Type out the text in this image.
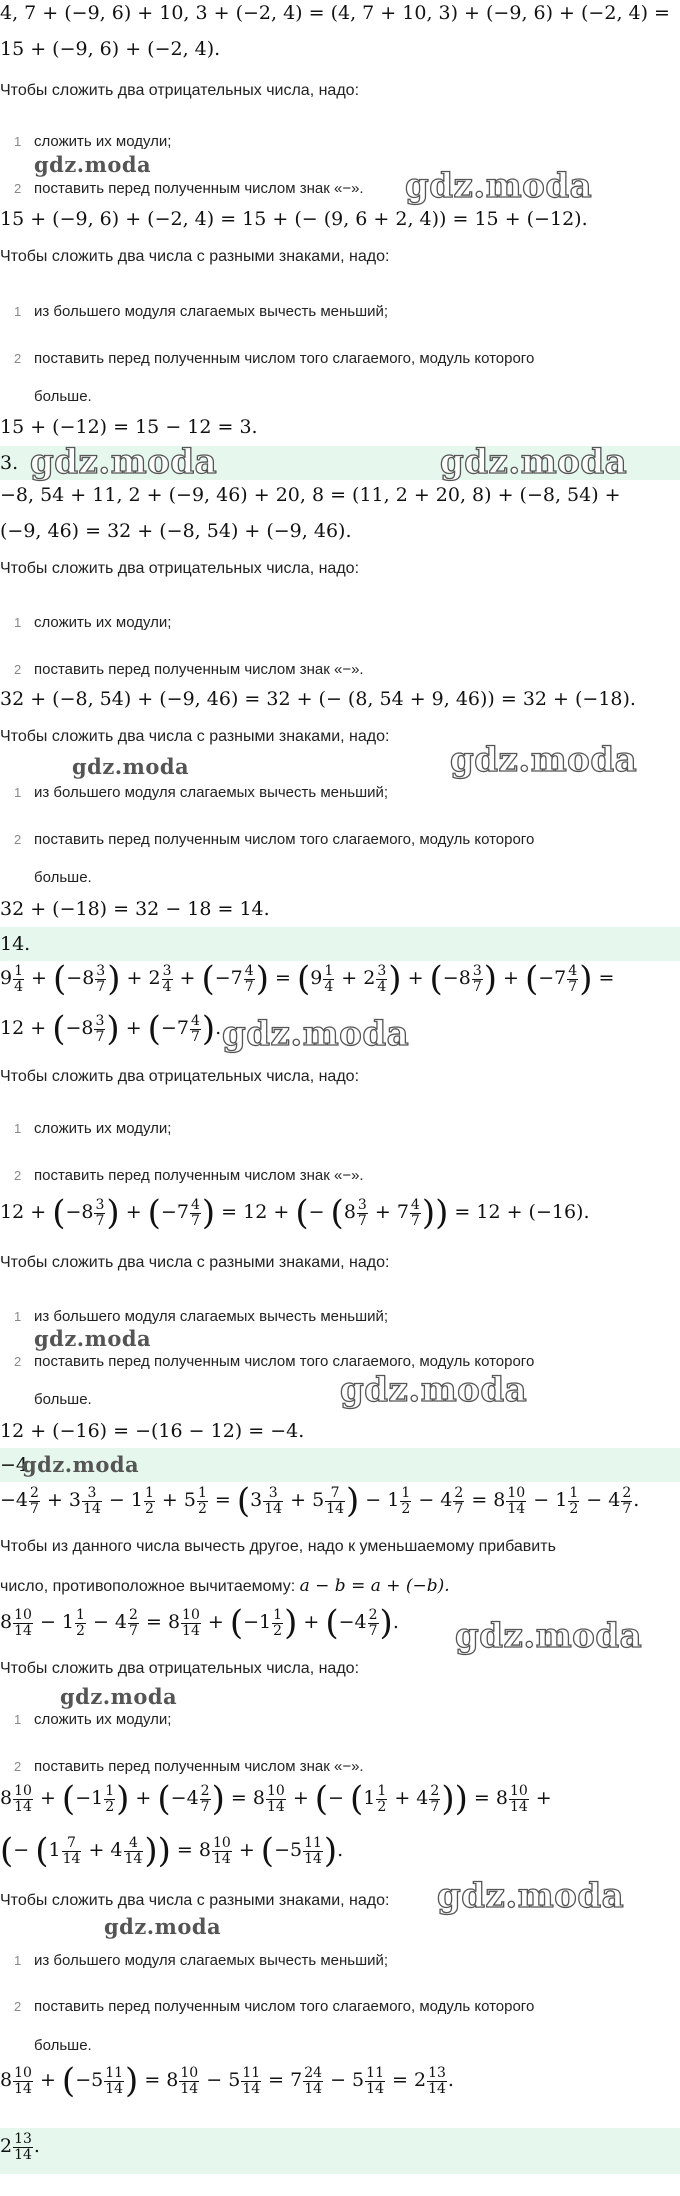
4, 7 + (−9, 6) + 10, 3 + (−2, 4) = (4, 7 + 10, 3) + (−9, 6) + (−2, 4) =
15 + (−9, 6) + (−2, 4).
Чтобы сложить два отрицательных числа, надо:
1 сложить их модули;
gdz.moda
2 поставить перед полученным числом знак «−». gdz.moda
15 + (−9, 6) + (−2, 4) = 15 + (− (9, 6 + 2, 4)) = 15 + (−12).
Чтобы сложить два числа с разными знаками, надо:
1 из большего модуля слагаемых вычесть меньший;
2 поставить перед полученным числом того слагаемого, модуль которого
больше.
15 + (−12) = 15 − 12 = 3.
3. gdz.moda	gdz.moda
−8, 54 + 11, 2 + (−9, 46) + 20, 8 = (11, 2 + 20, 8) + (−8, 54) +
(−9, 46) = 32 + (−8, 54) + (−9, 46).
Чтобы сложить два отрицательных числа, надо:
1 сложить их модули;
2 поставить перед полученным числом знак «−».
32 + (−8, 54) + (−9, 46) = 32 + (− (8, 54 + 9, 46)) = 32 + (−18).
Чтобы сложить два числа с разными знаками, надо:
gdz.moda	gdz.moda
1 из большего модуля слагаемых вычесть меньший;
2 поставить перед полученным числом того слагаемого, модуль которого
больше.
32 + (−18) = 32 − 18 = 14.
14.
$9 \frac{1}{4} + (-8 \frac{3}{7}$ ) + $2 \frac{3}{4} + (-7 \frac{4}{7}$ ) = ($9 \frac{1}{4} + 2 \frac{3}{4}$ ) + ($-8 \frac{3}{7}$ ) + ($-7 \frac{4}{7}$ ) =
$12 + (-8 \frac{3}{7}$ ) + ($-7 \frac{4}{7}$ ). gdz.moda
Чтобы сложить два отрицательных числа, надо:
1 сложить их модули;
2 поставить перед полученным числом знак «−».
$12 + (-8 \frac{3}{7}$ ) + ($-7 \frac{4}{7}$ ) = 12 + (− ($8 \frac{3}{7} + 7 \frac{4}{7}$ )) = 12 + (−16).
Чтобы сложить два числа с разными знаками, надо:
1 из большего модуля слагаемых вычесть меньший;
gdz.moda
2 поставить перед полученным числом того слагаемого, модуль которого
gdz.moda
больше.
12 + (−16) = −(16 − 12) = −4.
−4
gdz.moda
$-4 \frac{2}{7} + 3 \frac{3}{14} - 1 \frac{1}{2} + 5 \frac{1}{2} = (3 \frac{3}{14} + 5 \frac{7}{14}$ ) − $1 \frac{1}{2} - 4 \frac{2}{7} = 8 \frac{10}{14} - 1 \frac{1}{2} - 4 \frac{2}{7}$ .
Чтобы из данного числа вычесть другое, надо к уменьшаемому прибавить
число, противоположное вычитаемому: a − b = a + (−b).
$8 \frac{10}{14} - 1 \frac{1}{2} - 4 \frac{2}{7} = 8 \frac{10}{14} + (-1 \frac{1}{2}$ ) + ($-4 \frac{2}{7}$ ). gdz.moda
Чтобы сложить два отрицательных числа, надо:
gdz.moda
1 сложить их модули;
2 поставить перед полученным числом знак «−».
$8 \frac{10}{14} + (-1 \frac{1}{2}$ ) + ($-4 \frac{2}{7}$ ) = $8 \frac{10}{14}$ + (− ($1 \frac{1}{2} + 4 \frac{2}{7}$ )) = $8 \frac{10}{14}$ +
(− ($1 \frac{7}{14} + 4 \frac{4}{14}$ )) = $8 \frac{10}{14} + (-5 \frac{11}{14}$ ).
Чтобы сложить два числа с разными знаками, надо: gdz.moda
gdz.moda
1 из большего модуля слагаемых вычесть меньший;
2 поставить перед полученным числом того слагаемого, модуль которого
больше.
$8 \frac{10}{14} + (-5 \frac{11}{14}$ ) = $8 \frac{10}{14} - 5 \frac{11}{14} = 7 \frac{24}{14} - 5 \frac{11}{14} = 2 \frac{13}{14}$ .
$2 \frac{13}{14}$ .
